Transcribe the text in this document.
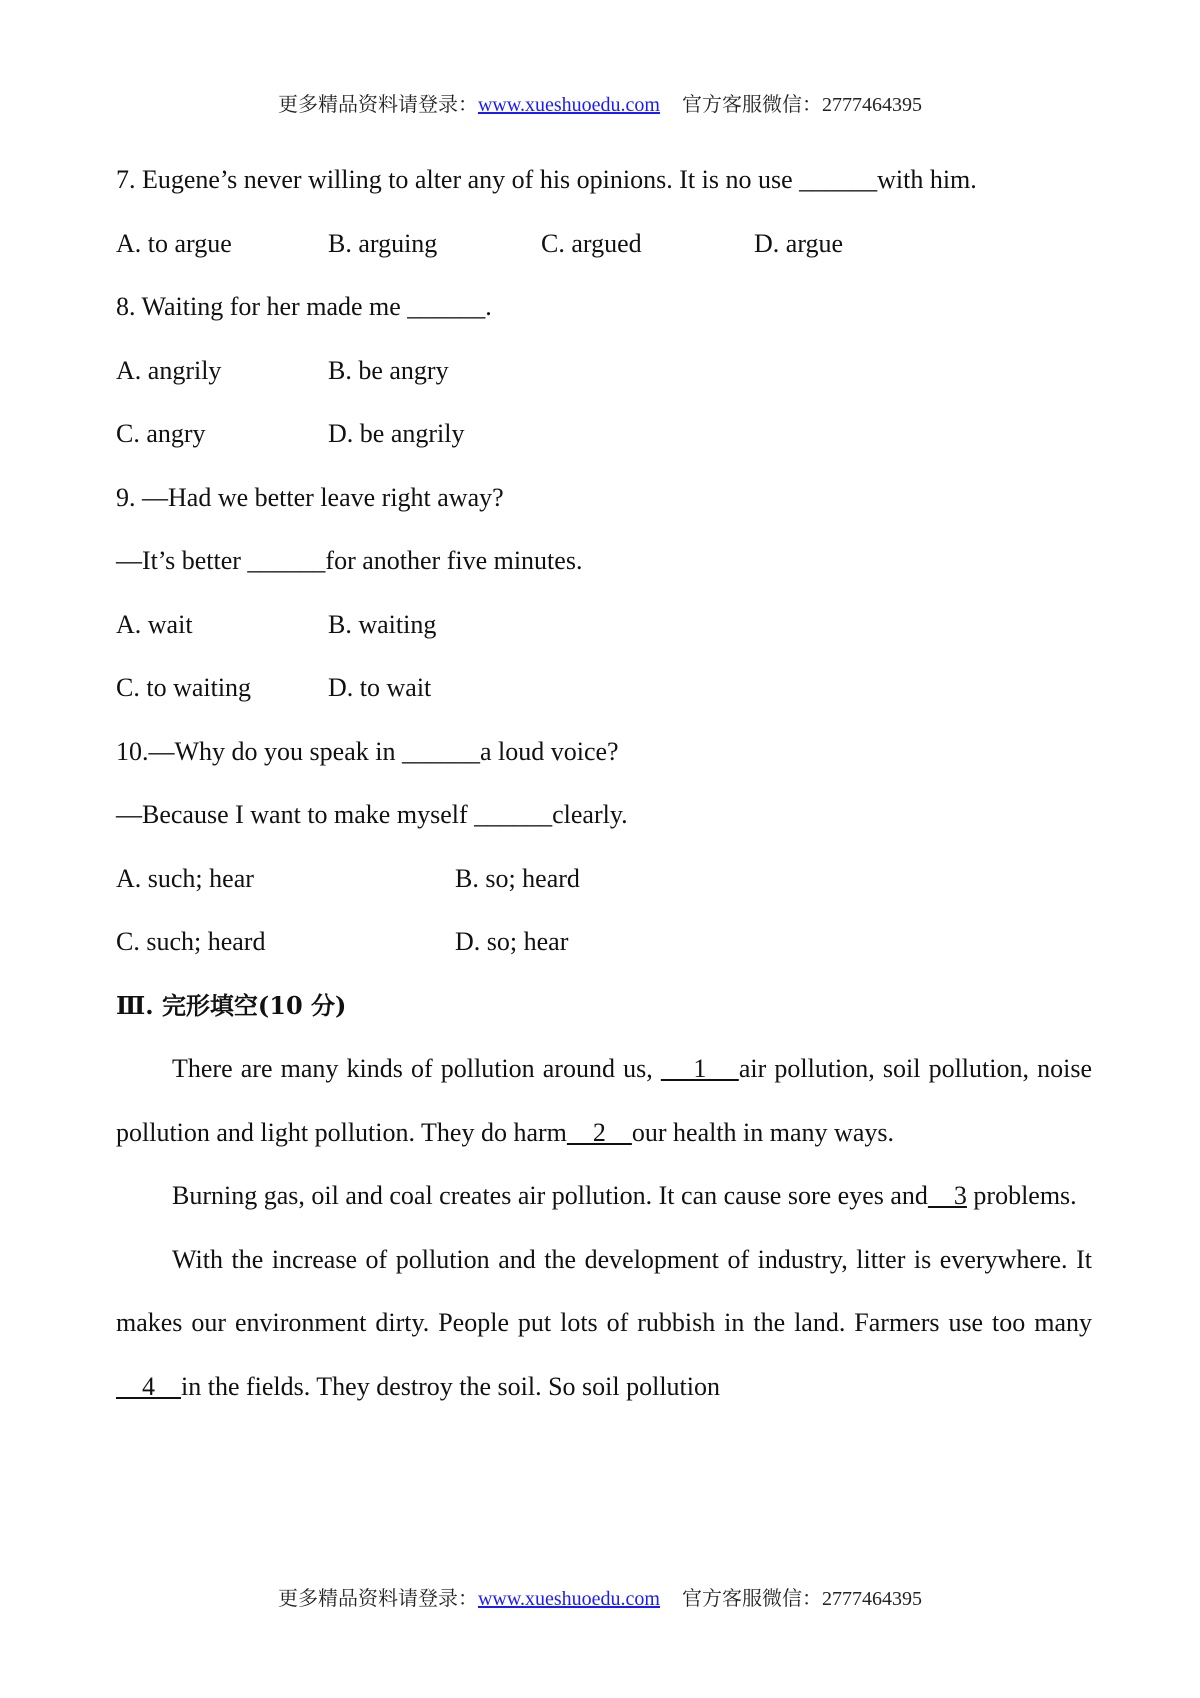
更多精品资料请登录：www.xueshuoedu.com 官方客服微信：2777464395
7. Eugene’s never willing to alter any of his opinions. It is no use ______with him.
A. to argue	B. arguing	C. argued	D. argue
8. Waiting for her made me ______.
A. angrily	B. be angry
C. angry	D. be angrily
9. —Had we better leave right away?
—It’s better ______for another five minutes.
A. wait	B. waiting
C. to waiting	D. to wait
10.—Why do you speak in ______a loud voice?
—Because I want to make myself ______clearly.
A. such; hear	B. so; heard
C. such; heard	D. so; hear
Ⅲ. 完形填空(10 分)

There are many kinds of pollution around us,     1    air pollution, soil pollution, noise pollution and light pollution. They do harm    2    our health in many ways.

Burning gas, oil and coal creates air pollution. It can cause sore eyes and    3 problems.

With the increase of pollution and the development of industry, litter is everywhere. It makes our environment dirty. People put lots of rubbish in the land. Farmers use too many    4    in the fields. They destroy the soil. So soil pollution

更多精品资料请登录：www.xueshuoedu.com 官方客服微信：2777464395
